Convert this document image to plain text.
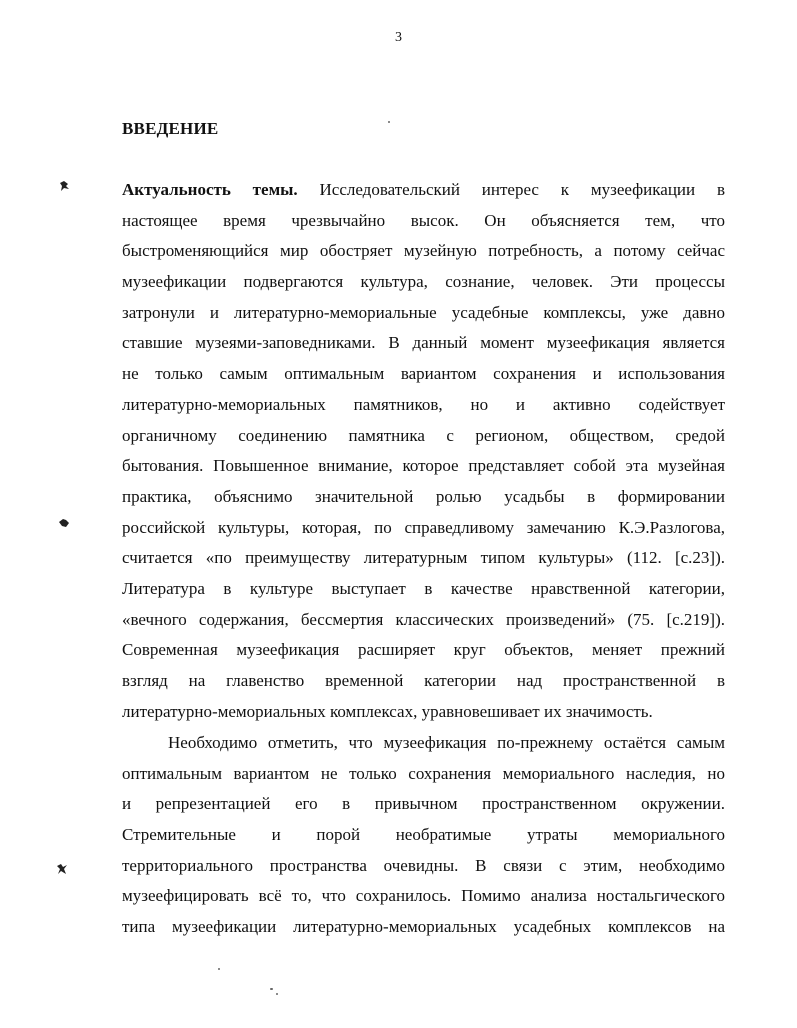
3
ВВЕДЕНИЕ
Актуальность темы. Исследовательский интерес к музеефикации в
настоящее время чрезвычайно высок. Он объясняется тем, что
быстроменяющийся мир обостряет музейную потребность, а потому сейчас
музеефикации подвергаются культура, сознание, человек. Эти процессы
затронули и литературно-мемориальные усадебные комплексы, уже давно
ставшие музеями-заповедниками. В данный момент музеефикация является
не только самым оптимальным вариантом сохранения и использования
литературно-мемориальных памятников, но и активно содействует
органичному соединению памятника с регионом, обществом, средой
бытования. Повышенное внимание, которое представляет собой эта музейная
практика, объяснимо значительной ролью усадьбы в формировании
российской культуры, которая, по справедливому замечанию К.Э.Разлогова,
считается «по преимуществу литературным типом культуры» (112. [с.23]).
Литература в культуре выступает в качестве нравственной категории,
«вечного содержания, бессмертия классических произведений» (75. [с.219]).
Современная музеефикация расширяет круг объектов, меняет прежний
взгляд на главенство временной категории над пространственной в
литературно-мемориальных комплексах, уравновешивает их значимость.
Необходимо отметить, что музеефикация по-прежнему остаётся самым
оптимальным вариантом не только сохранения мемориального наследия, но
и репрезентацией его в привычном пространственном окружении.
Стремительные и порой необратимые утраты мемориального
территориального пространства очевидны. В связи с этим, необходимо
музеефицировать всё то, что сохранилось. Помимо анализа ностальгического
типа музеефикации литературно-мемориальных усадебных комплексов на
